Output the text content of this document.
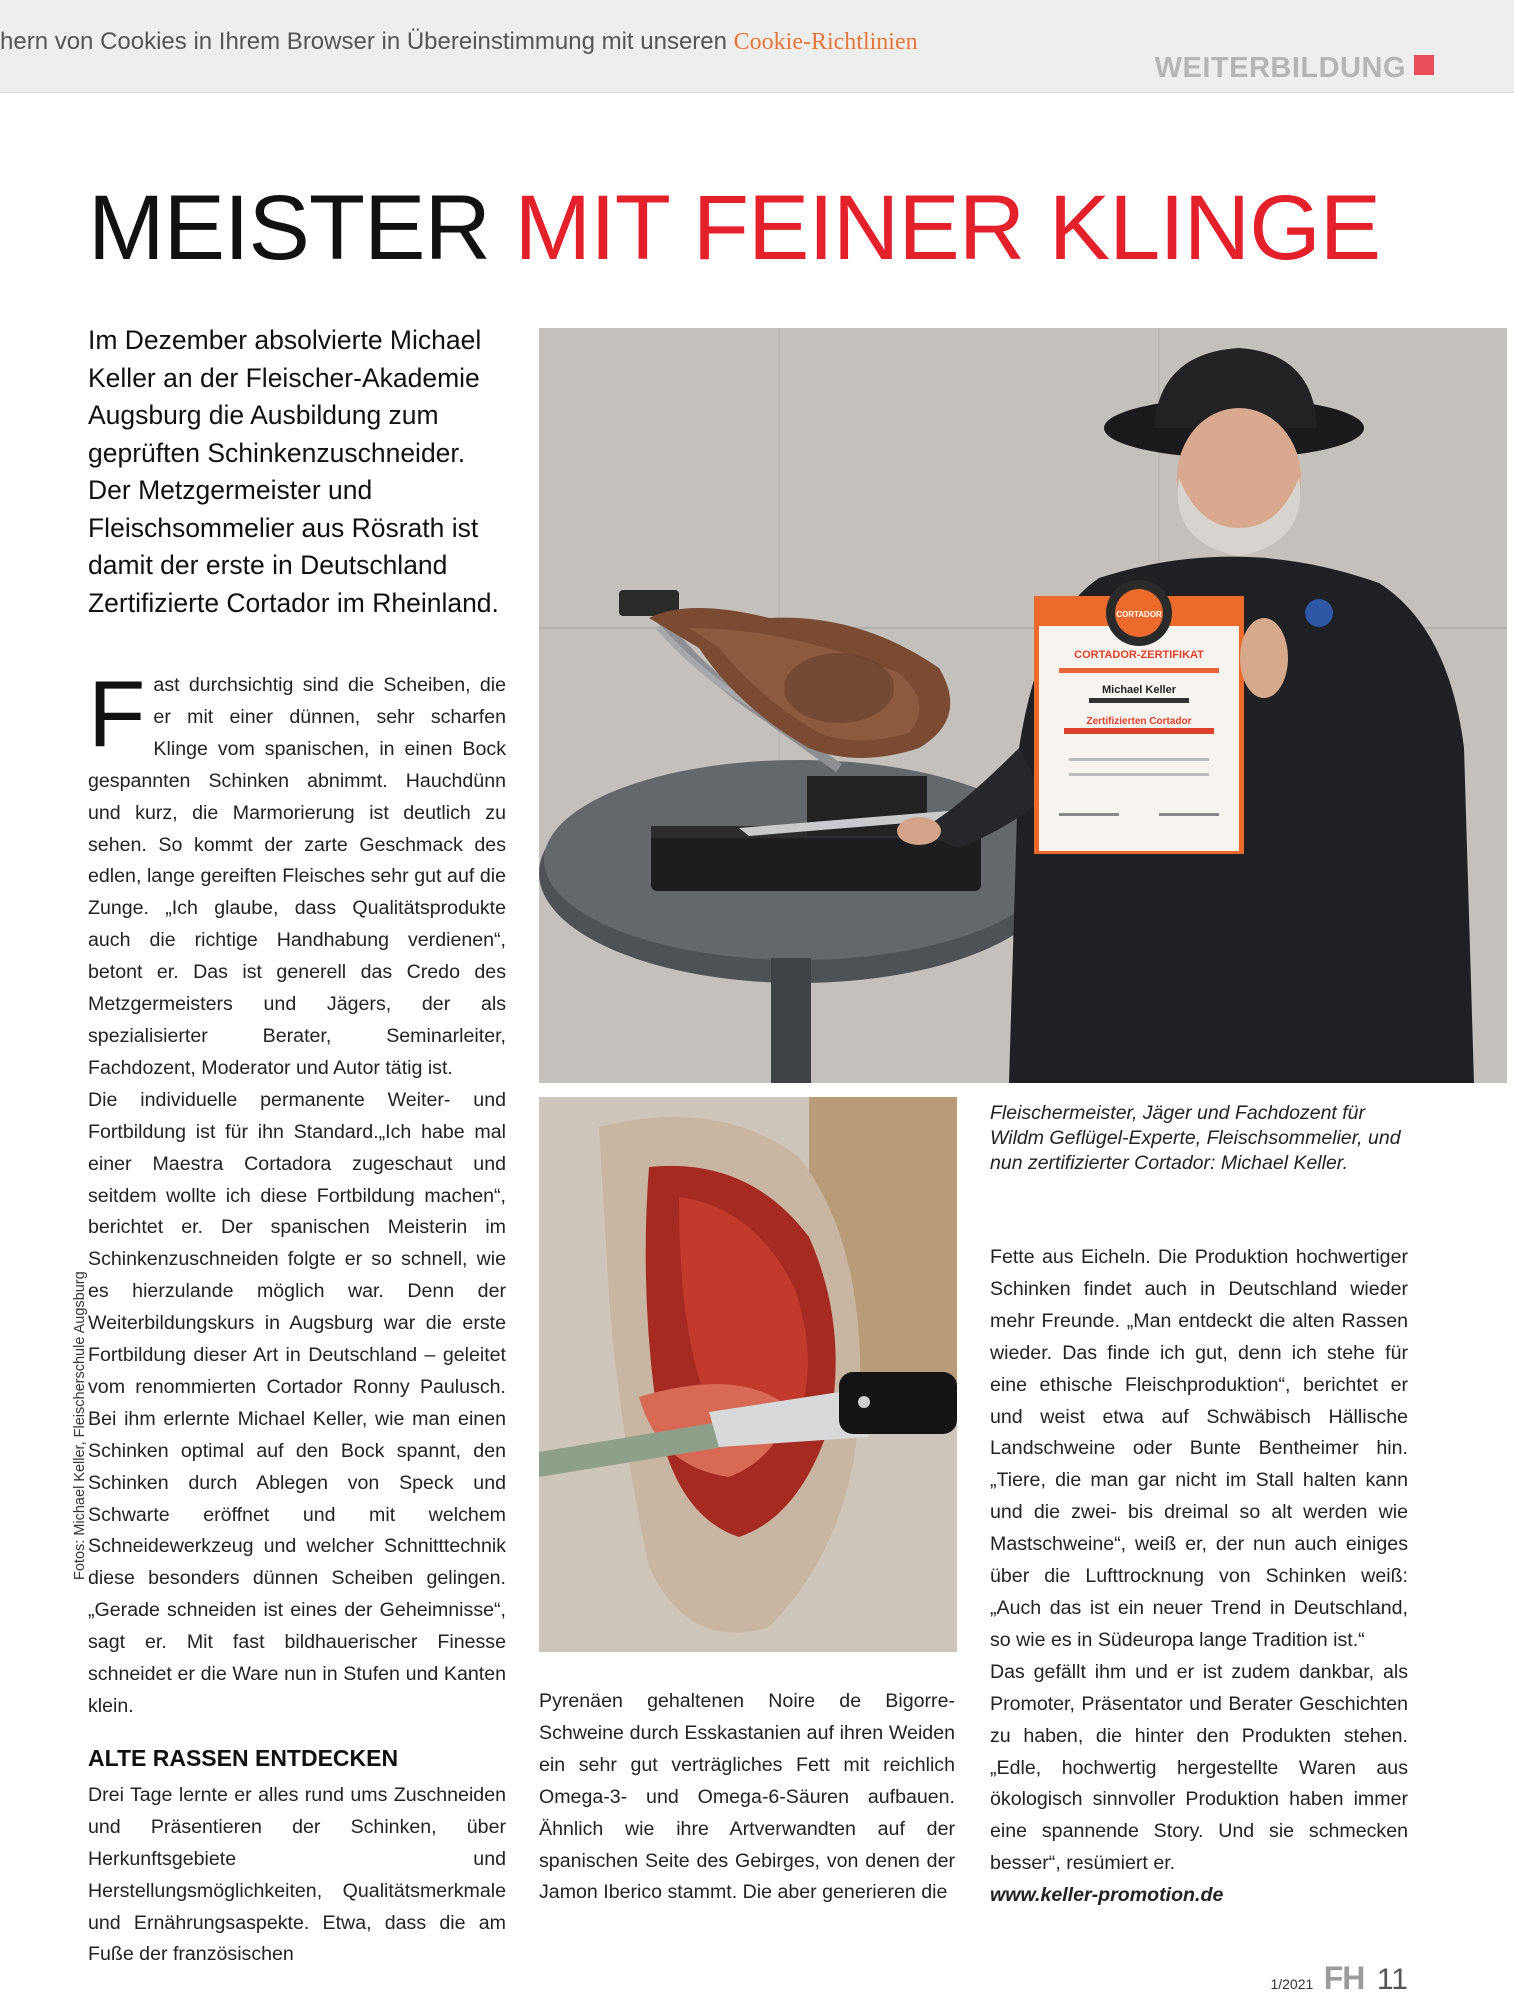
hern von Cookies in Ihrem Browser in Übereinstimmung mit unseren Cookie-Richtlinien
WEITERBILDUNG
MEISTER MIT FEINER KLINGE
Im Dezember absolvierte Michael Keller an der Fleischer-Akademie Augsburg die Ausbildung zum geprüften Schinkenzuschneider. Der Metzgermeister und Fleischsommelier aus Rösrath ist damit der erste in Deutschland Zertifizierte Cortador im Rheinland.	CORTADOR
CORTADOR-ZERTIFIKAT
Michael Keller
Zertifizierten Cortador
Fleischermeister, Jäger und Fachdozent für Wildm Geflügel-Experte, Fleischsommelier, und nun zertifizierter Cortador: Michael Keller.

Fast durchsichtig sind die Scheiben, die er mit einer dünnen, sehr scharfen Klinge vom spanischen, in einen Bock gespannten Schinken abnimmt. Hauchdünn und kurz, die Marmorierung ist deutlich zu sehen. So kommt der zarte Geschmack des edlen, lange gereiften Fleisches sehr gut auf die Zunge. „Ich glaube, dass Qualitätsprodukte auch die richtige Handhabung verdienen“, betont er. Das ist generell das Credo des Metzgermeisters und Jägers, der als spezialisierter Berater, Seminarleiter, Fachdozent, Moderator und Autor tätig ist.

Die individuelle permanente Weiter- und Fortbildung ist für ihn Standard.„Ich habe mal einer Maestra Cortadora zugeschaut und seitdem wollte ich diese Fortbildung machen“, berichtet er. Der spanischen Meisterin im Schinkenzuschneiden folgte er so schnell, wie es hierzulande möglich war. Denn der Weiterbildungskurs in Augsburg war die erste Fortbildung dieser Art in Deutschland – geleitet vom renommierten Cortador Ronny Paulusch. Bei ihm erlernte Michael Keller, wie man einen Schinken optimal auf den Bock spannt, den Schinken durch Ablegen von Speck und Schwarte eröffnet und mit welchem Schneidewerkzeug und welcher Schnitttechnik diese besonders dünnen Scheiben gelingen. „Gerade schneiden ist eines der Geheimnisse“, sagt er. Mit fast bildhauerischer Finesse schneidet er die Ware nun in Stufen und Kanten klein.

ALTE RASSEN ENTDECKEN

Drei Tage lernte er alles rund ums Zuschneiden und Präsentieren der Schinken, über Herkunftsgebiete und Herstellungsmöglichkeiten, Qualitätsmerkmale und Ernährungsaspekte. Etwa, dass die am Fuße der französischen

Pyrenäen gehaltenen Noire de Bigorre-Schweine durch Esskastanien auf ihren Weiden ein sehr gut verträgliches Fett mit reichlich Omega-3- und Omega-6-Säuren aufbauen. Ähnlich wie ihre Artverwandten auf der spanischen Seite des Gebirges, von denen der Jamon Iberico stammt. Die aber generieren die

Fette aus Eicheln. Die Produktion hochwertiger Schinken findet auch in Deutschland wieder mehr Freunde. „Man entdeckt die alten Rassen wieder. Das finde ich gut, denn ich stehe für eine ethische Fleischproduktion“, berichtet er und weist etwa auf Schwäbisch Hällische Landschweine oder Bunte Bentheimer hin. „Tiere, die man gar nicht im Stall halten kann und die zwei- bis dreimal so alt werden wie Mastschweine“, weiß er, der nun auch einiges über die Lufttrocknung von Schinken weiß: „Auch das ist ein neuer Trend in Deutschland, so wie es in Südeuropa lange Tradition ist.“

Das gefällt ihm und er ist zudem dankbar, als Promoter, Präsentator und Berater Geschichten zu haben, die hinter den Produkten stehen. „Edle, hochwertig hergestellte Waren aus ökologisch sinnvoller Produktion haben immer eine spannende Story. Und sie schmecken besser“, resümiert er.

www.keller-promotion.de

Fotos: Michael Keller, Fleischerschule Augsburg
1/2021 FH 11
